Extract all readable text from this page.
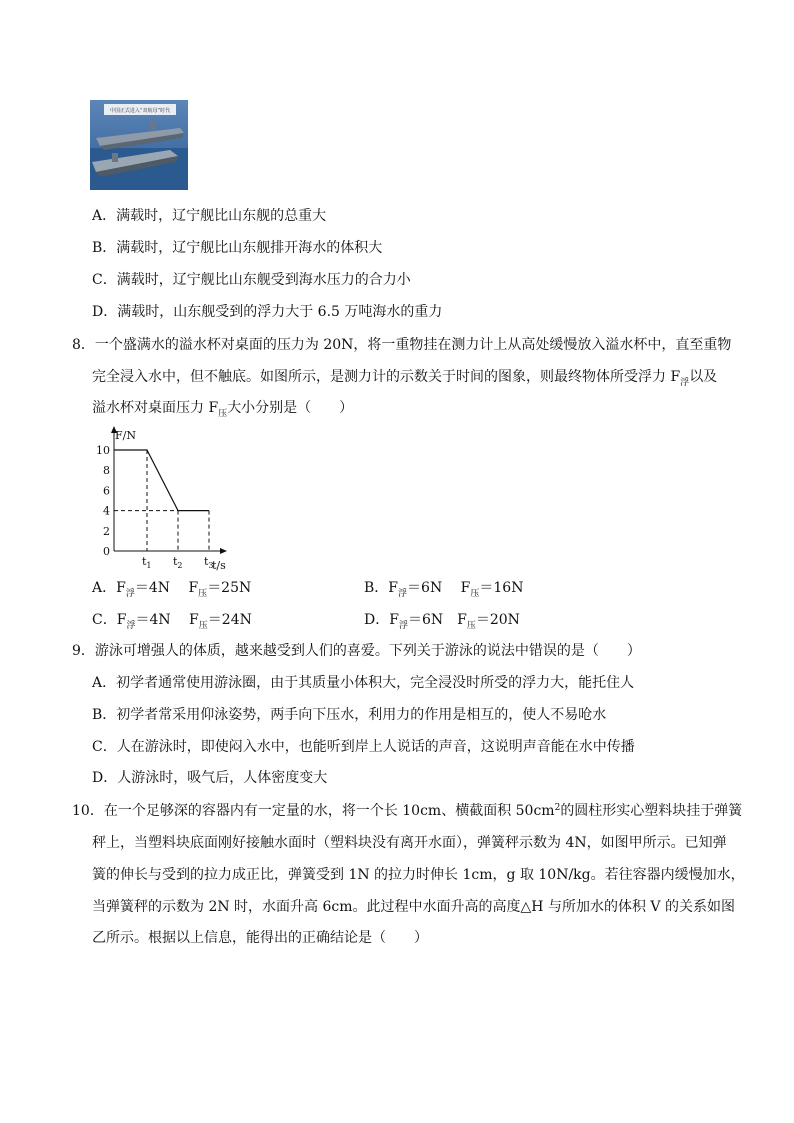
中国正式进入“双航母”时代
A．满载时，辽宁舰比山东舰的总重大
B．满载时，辽宁舰比山东舰排开海水的体积大
C．满载时，辽宁舰比山东舰受到海水压力的合力小
D．满载时，山东舰受到的浮力大于 6.5 万吨海水的重力
8．一个盛满水的溢水杯对桌面的压力为 20N，将一重物挂在测力计上从高处缓慢放入溢水杯中，直至重物
完全浸入水中，但不触底。如图所示，是测力计的示数关于时间的图象，则最终物体所受浮力 $F_浮$以及
溢水杯对桌面压力 $F_压$大小分别是（　　）
0
2
4
6
8
10
$t_1$ $t_2$ $t_3$
F/N
t/s
A．$F_浮=4N$　 $F_压=25N$	B．$F_浮=6N$　 $F_压=16N$
C．$F_浮=4N$　 $F_压=24N$	D．$F_浮=6N$　$F_压=20N$
9．游泳可增强人的体质，越来越受到人们的喜爱。下列关于游泳的说法中错误的是（　　）
A．初学者通常使用游泳圈，由于其质量小体积大，完全浸没时所受的浮力大，能托住人
B．初学者常采用仰泳姿势，两手向下压水，利用力的作用是相互的，使人不易呛水
C．人在游泳时，即使闷入水中，也能听到岸上人说话的声音，这说明声音能在水中传播
D．人游泳时，吸气后，人体密度变大
10．在一个足够深的容器内有一定量的水，将一个长 10cm、横截面积 $50cm^2$的圆柱形实心塑料块挂于弹簧
秤上，当塑料块底面刚好接触水面时（塑料块没有离开水面），弹簧秤示数为 4N，如图甲所示。已知弹
簧的伸长与受到的拉力成正比，弹簧受到 1N 的拉力时伸长 1cm，g 取 10N/kg。若往容器内缓慢加水，
当弹簧秤的示数为 2N 时，水面升高 6cm。此过程中水面升高的高度△H 与所加水的体积 V 的关系如图
乙所示。根据以上信息，能得出的正确结论是（　　）
